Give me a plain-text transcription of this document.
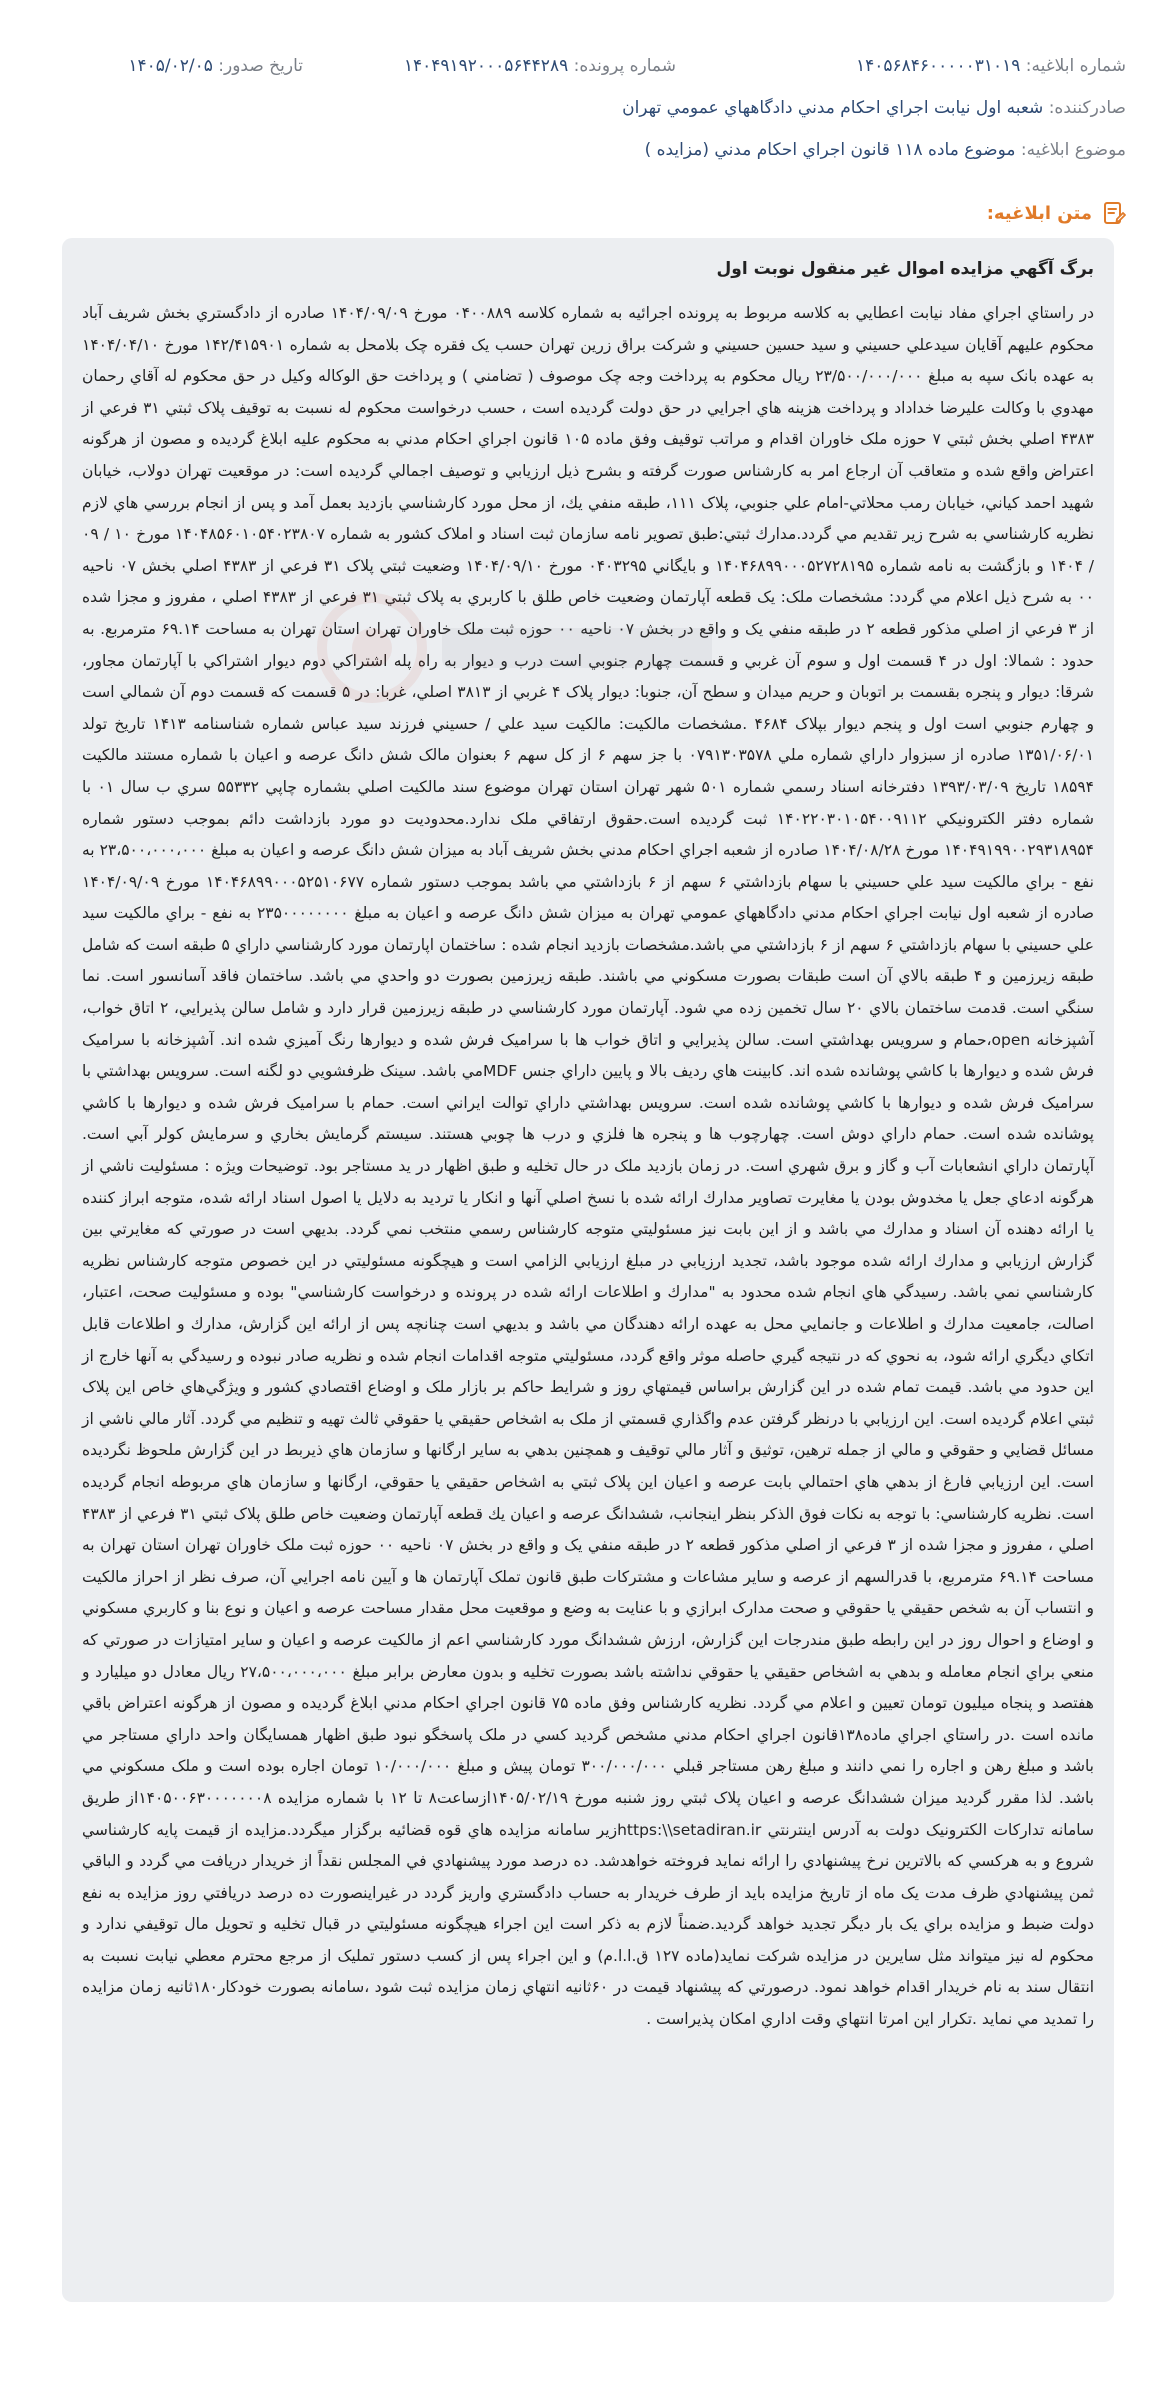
شماره ابلاغيه: ۱۴۰۵۶۸۴۶۰۰۰۰۰۳۱۰۱۹
شماره پرونده: ۱۴۰۴۹۱۹۲۰۰۰۵۶۴۴۲۸۹
تاریخ صدور: ۱۴۰۵/۰۲/۰۵
صادرکننده: شعبه اول نيابت اجراي احكام مدني دادگاههاي عمومي تهران
موضوع ابلاغیه: موضوع ماده ۱۱۸ قانون اجراي احكام مدني (مزايده )
متن ابلاغیه:

برگ آگهي مزايده اموال غير منقول نوبت اول

در راستاي اجراي مفاد نيابت اعطايي به كلاسه مربوط به پرونده اجرائيه به شماره كلاسه ۰۴۰۰۸۸۹ مورخ ۱۴۰۴/۰۹/۰۹ صادره از دادگستري بخش شريف آباد محكوم عليهم آقايان سيدعلي حسيني و سيد حسين حسيني و شركت براق زرين تهران حسب يک فقره چک بلامحل به شماره ۱۴۲/۴۱۵۹۰۱ مورخ ۱۴۰۴/۰۴/۱۰ به عهده بانک سپه به مبلغ ۲۳/۵۰۰/۰۰۰/۰۰۰ ريال محكوم به پرداخت وجه چک موصوف ( تضامني ) و پرداخت حق الوكاله وكيل در حق محكوم له آقاي رحمان مهدوي با وكالت عليرضا خداداد و پرداخت هزينه هاي اجرايي در حق دولت گرديده است ، حسب درخواست محكوم له نسبت به توقيف پلاک ثبتي ۳۱ فرعي از ۴۳۸۳ اصلي بخش ثبتي ۷ حوزه ملک خاوران اقدام و مراتب توقيف وفق ماده ۱۰۵ قانون اجراي احكام مدني به محكوم عليه ابلاغ گرديده و مصون از هرگونه اعتراض واقع شده و متعاقب آن ارجاع امر به كارشناس صورت گرفته و بشرح ذيل ارزيابي و توصيف اجمالي گرديده است: در موقعيت تهران دولاب، خيابان شهيد احمد كياني، خيابان رمب محلاتي-امام علي جنوبي، پلاک ۱۱۱، طبقه منفي يك، از محل مورد كارشناسي بازديد بعمل آمد و پس از انجام بررسي هاي لازم نظريه كارشناسي به شرح زير تقديم مي گردد.مدارك ثبتي:طبق تصوير نامه سازمان ثبت اسناد و املاک كشور به شماره ۱۴۰۴۸۵۶۰۱۰۵۴۰۲۳۸۰۷ مورخ ۱۰ / ۰۹ / ۱۴۰۴ و بازگشت به نامه شماره ۱۴۰۴۶۸۹۹۰۰۰۵۲۷۲۸۱۹۵ و بايگاني ۰۴۰۳۲۹۵ مورخ ۱۴۰۴/۰۹/۱۰ وضعيت ثبتي پلاک ۳۱ فرعي از ۴۳۸۳ اصلي بخش ۰۷ ناحيه ۰۰ به شرح ذيل اعلام مي گردد: مشخصات ملک: يک قطعه آپارتمان وضعيت خاص طلق با كاربري به پلاک ثبتي ۳۱ فرعي از ۴۳۸۳ اصلي ، مفروز و مجزا شده از ۳ فرعي از اصلي مذكور قطعه ۲ در طبقه منفي يک و واقع در بخش ۰۷ ناحيه ۰۰ حوزه ثبت ملک خاوران تهران استان تهران به مساحت ۶۹.۱۴ مترمربع. به حدود : شمالا: اول در ۴ قسمت اول و سوم آن غربي و قسمت چهارم جنوبي است درب و ديوار به راه پله اشتراكي دوم ديوار اشتراكي با آپارتمان مجاور، شرقا: ديوار و پنجره بقسمت بر اتوبان و حريم ميدان و سطح آن، جنوبا: ديوار پلاک ۴ غربي از ۳۸۱۳ اصلي، غربا: در ۵ قسمت كه قسمت دوم آن شمالي است و چهارم جنوبي است اول و پنجم ديوار بپلاک ۴۶۸۴ .مشخصات مالكيت: مالكيت سيد علي / حسيني فرزند سيد عباس شماره شناسنامه ۱۴۱۳ تاريخ تولد ۱۳۵۱/۰۶/۰۱ صادره از سبزوار داراي شماره ملي ۰۷۹۱۳۰۳۵۷۸ با جز سهم ۶ از كل سهم ۶ بعنوان مالک شش دانگ عرصه و اعيان با شماره مستند مالكيت ۱۸۵۹۴ تاريخ ۱۳۹۳/۰۳/۰۹ دفترخانه اسناد رسمي شماره ۵۰۱ شهر تهران استان تهران موضوع سند مالكيت اصلي بشماره چاپي ۵۵۳۳۲ سري ب سال ۰۱ با شماره دفتر الكترونيكي ۱۴۰۲۲۰۳۰۱۰۵۴۰۰۹۱۱۲ ثبت گرديده است.حقوق ارتفاقي ملک ندارد.محدوديت دو مورد بازداشت دائم بموجب دستور شماره ۱۴۰۴۹۱۹۹۰۰۲۹۳۱۸۹۵۴ مورخ ۱۴۰۴/۰۸/۲۸ صادره از شعبه اجراي احكام مدني بخش شريف آباد به ميزان شش دانگ عرصه و اعيان به مبلغ ۲۳،۵۰۰،۰۰۰،۰۰۰ به نفع - براي مالكيت سيد علي حسيني با سهام بازداشتي ۶ سهم از ۶ بازداشتي مي باشد بموجب دستور شماره ۱۴۰۴۶۸۹۹۰۰۰۵۲۵۱۰۶۷۷ مورخ ۱۴۰۴/۰۹/۰۹ صادره از شعبه اول نيابت اجراي احكام مدني دادگاههاي عمومي تهران به ميزان شش دانگ عرصه و اعيان به مبلغ ۲۳۵۰۰۰۰۰۰۰۰ به نفع - براي مالكيت سيد علي حسيني با سهام بازداشتي ۶ سهم از ۶ بازداشتي مي باشد.مشخصات بازديد انجام شده : ساختمان اپارتمان مورد كارشناسي داراي ۵ طبقه است كه شامل طبقه زيرزمين و ۴ طبقه بالاي آن است طبقات بصورت مسكوني مي باشند. طبقه زيرزمين بصورت دو واحدي مي باشد. ساختمان فاقد آسانسور است. نما سنگي است. قدمت ساختمان بالاي ۲۰ سال تخمين زده مي شود. آپارتمان مورد كارشناسي در طبقه زيرزمين قرار دارد و شامل سالن پذيرايي، ۲ اتاق خواب، آشپزخانه open،حمام و سرويس بهداشتي است. سالن پذيرايي و اتاق خواب ها با سراميک فرش شده و ديوارها رنگ آميزي شده اند. آشپزخانه با سراميک فرش شده و ديوارها با كاشي پوشانده شده اند. كابينت هاي رديف بالا و پايين داراي جنس MDFمي باشد. سينک ظرفشويي دو لگنه است. سرويس بهداشتي با سراميک فرش شده و ديوارها با كاشي پوشانده شده است. سرويس بهداشتي داراي توالت ايراني است. حمام با سراميک فرش شده و ديوارها با كاشي پوشانده شده است. حمام داراي دوش است. چهارچوب ها و پنجره ها فلزي و درب ها چوبي هستند. سيستم گرمايش بخاري و سرمايش كولر آبي است. آپارتمان داراي انشعابات آب و گاز و برق شهري است. در زمان بازديد ملک در حال تخليه و طبق اظهار در يد مستاجر بود. توضيحات ويژه : مسئوليت ناشي از هرگونه ادعاي جعل يا مخدوش بودن يا مغايرت تصاوير مدارك ارائه شده با نسخ اصلي آنها و انكار يا ترديد به دلايل يا اصول اسناد ارائه شده، متوجه ابراز كننده يا ارائه دهنده آن اسناد و مدارك مي باشد و از اين بابت نيز مسئوليتي متوجه كارشناس رسمي منتخب نمي گردد. بديهي است در صورتي كه مغايرتي بين گزارش ارزيابي و مدارك ارائه شده موجود باشد، تجديد ارزيابي در مبلغ ارزيابي الزامي است و هيچگونه مسئوليتي در اين خصوص متوجه كارشناس نظريه كارشناسي نمي باشد. رسيدگي هاي انجام شده محدود به "مدارك و اطلاعات ارائه شده در پرونده و درخواست كارشناسي" بوده و مسئوليت صحت، اعتبار، اصالت، جامعيت مدارك و اطلاعات و جانمايي محل به عهده ارائه دهندگان مي باشد و بديهي است چنانچه پس از ارائه اين گزارش، مدارك و اطلاعات قابل اتكاي ديگري ارائه شود، به نحوي كه در نتيجه گيري حاصله موثر واقع گردد، مسئوليتي متوجه اقدامات انجام شده و نظريه صادر نبوده و رسيدگي به آنها خارج از اين حدود مي باشد. قيمت تمام شده در اين گزارش براساس قيمتهاي روز و شرايط حاكم بر بازار ملک و اوضاع اقتصادي كشور و ويژگي‌هاي خاص اين پلاک ثبتي اعلام گرديده است. اين ارزيابي با درنظر گرفتن عدم واگذاري قسمتي از ملک به اشخاص حقيقي يا حقوقي ثالث تهيه و تنظيم مي گردد. آثار مالي ناشي از مسائل قضايي و حقوقي و مالي از جمله ترهين، توثيق و آثار مالي توقيف و همچنين بدهي به ساير ارگانها و سازمان هاي ذيربط در اين گزارش ملحوظ نگرديده است. اين ارزيابي فارغ از بدهي هاي احتمالي بابت عرصه و اعيان اين پلاک ثبتي به اشخاص حقيقي يا حقوقي، ارگانها و سازمان هاي مربوطه انجام گرديده است. نظريه كارشناسي: با توجه به نكات فوق الذكر بنظر اينجانب، ششدانگ عرصه و اعيان يك قطعه آپارتمان وضعيت خاص طلق پلاک ثبتي ۳۱ فرعي از ۴۳۸۳ اصلي ، مفروز و مجزا شده از ۳ فرعي از اصلي مذكور قطعه ۲ در طبقه منفي يک و واقع در بخش ۰۷ ناحيه ۰۰ حوزه ثبت ملک خاوران تهران استان تهران به مساحت ۶۹.۱۴ مترمربع، با قدرالسهم از عرصه و ساير مشاعات و مشتركات طبق قانون تملک آپارتمان ها و آيين نامه اجرايي آن، صرف نظر از احراز مالكيت و انتساب آن به شخص حقيقي يا حقوقي و صحت مدارک ابرازي و با عنايت به وضع و موقعيت محل مقدار مساحت عرصه و اعيان و نوع بنا و كاربري مسكوني و اوضاع و احوال روز در اين رابطه طبق مندرجات اين گزارش، ارزش ششدانگ مورد كارشناسي اعم از مالكيت عرصه و اعيان و ساير امتيازات در صورتي كه منعي براي انجام معامله و بدهي به اشخاص حقيقي يا حقوقي نداشته باشد بصورت تخليه و بدون معارض برابر مبلغ ۲۷،۵۰۰،۰۰۰،۰۰۰ ريال معادل دو ميليارد و هفتصد و پنجاه ميليون تومان تعيين و اعلام مي گردد. نظريه كارشناس وفق ماده ۷۵ قانون اجراي احكام مدني ابلاغ گرديده و مصون از هرگونه اعتراض باقي مانده است .در راستاي اجراي ماده۱۳۸قانون اجراي احكام مدني مشخص گرديد كسي در ملک پاسخگو نبود طبق اظهار همسايگان واحد داراي مستاجر مي باشد و مبلغ رهن و اجاره را نمي دانند و مبلغ رهن مستاجر قبلي ۳۰۰/۰۰۰/۰۰۰ تومان پيش و مبلغ ۱۰/۰۰۰/۰۰۰ تومان اجاره بوده است و ملک مسكوني مي باشد. لذا مقرر گرديد ميزان ششدانگ عرصه و اعيان پلاک ثبتي روز شنبه مورخ ۱۴۰۵/۰۲/۱۹ازساعت۸ تا ۱۲ با شماره مزايده ۱۴۰۵۰۰۶۳۰۰۰۰۰۰۰۸از طريق سامانه تداركات الكترونيک دولت به آدرس اينترنتي https:\\setadiran.irزير سامانه مزايده هاي قوه قضائيه برگزار ميگردد.مزايده از قيمت پايه كارشناسي شروع و به هركسي كه بالاترين نرخ پيشنهادي را ارائه نمايد فروخته خواهدشد. ده درصد مورد پيشنهادي في المجلس نقداً از خريدار دريافت مي گردد و الباقي ثمن پيشنهادي ظرف مدت يک ماه از تاريخ مزايده بايد از طرف خريدار به حساب دادگستري واريز گردد در غيراينصورت ده درصد دريافتي روز مزايده به نفع دولت ضبط و مزايده براي يک بار ديگر تجديد خواهد گرديد.ضمناً لازم به ذكر است اين اجراء هيچگونه مسئوليتي در قبال تخليه و تحويل مال توقيفي ندارد و محكوم له نيز ميتواند مثل سايرين در مزايده شركت نمايد(ماده ۱۲۷ ق.ا.ا.م) و اين اجراء پس از كسب دستور تمليک از مرجع محترم معطي نيابت نسبت به انتقال سند به نام خريدار اقدام خواهد نمود. درصورتي كه پيشنهاد قيمت در ۶۰ثانيه انتهاي زمان مزايده ثبت شود ،سامانه بصورت خودكار۱۸۰ثانيه زمان مزايده را تمديد مي نمايد .تكرار اين امرتا انتهاي وقت اداري امكان پذيراست .
